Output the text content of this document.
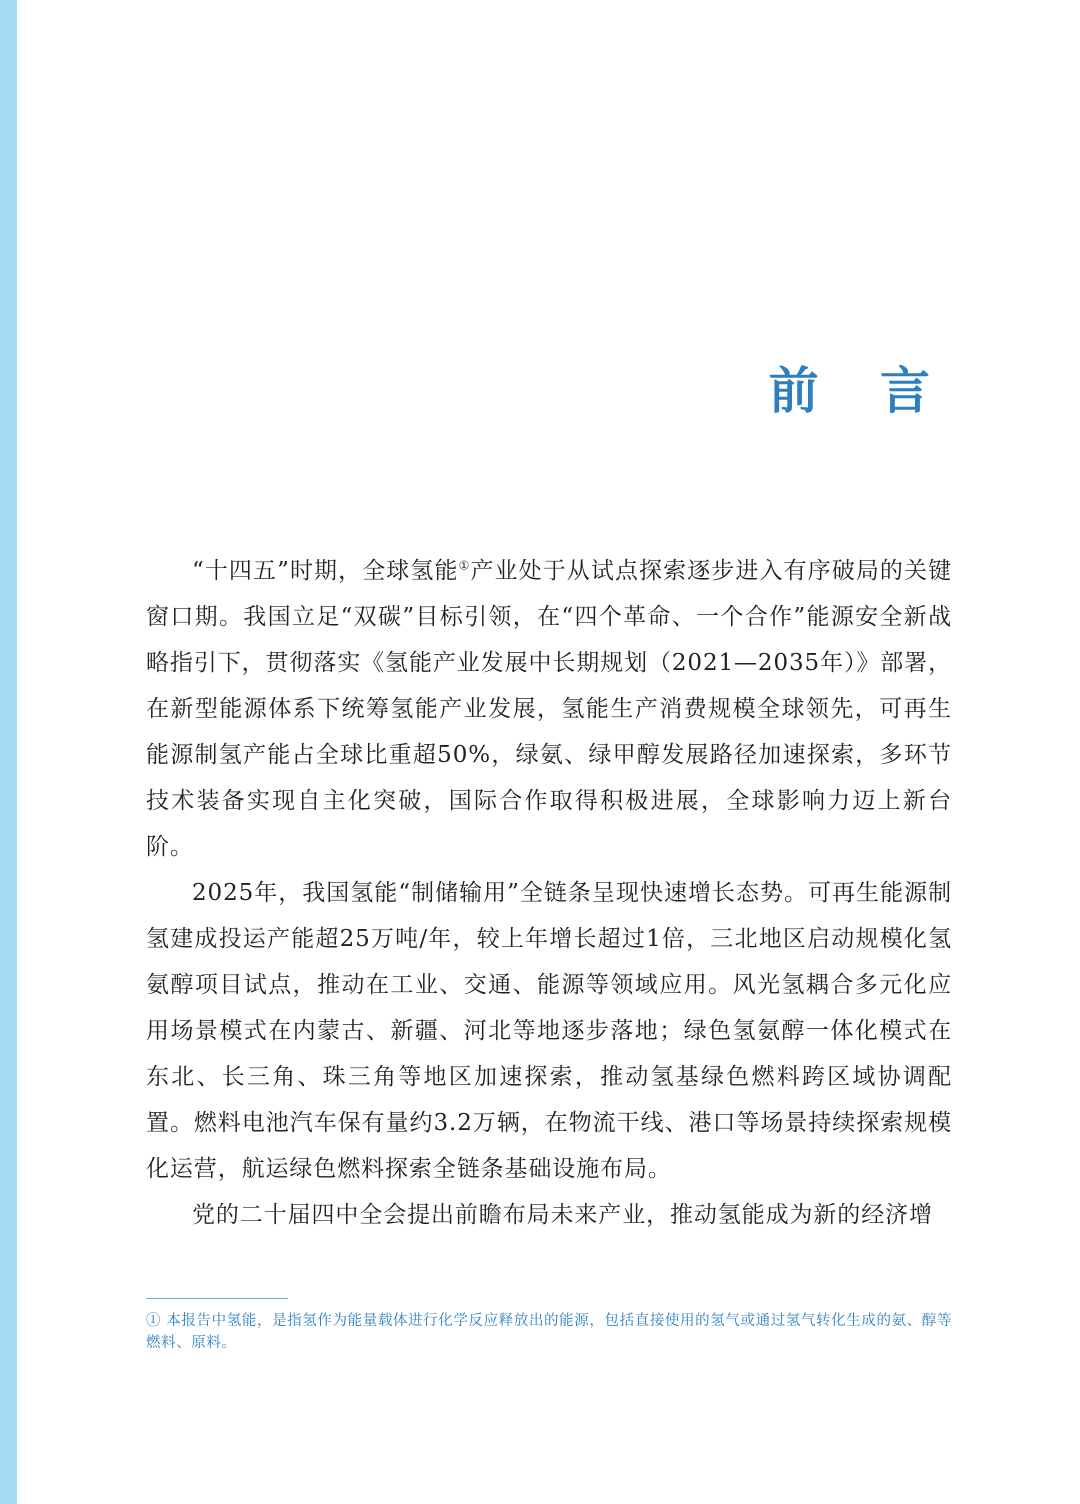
前 言

“十四五”时期，全球氢能①产业处于从试点探索逐步进入有序破局的关键窗口期。我国立足“双碳”目标引领，在“四个革命、一个合作”能源安全新战略指引下，贯彻落实《氢能产业发展中长期规划（2021—2035年）》部署，在新型能源体系下统筹氢能产业发展，氢能生产消费规模全球领先，可再生能源制氢产能占全球比重超50%，绿氨、绿甲醇发展路径加速探索，多环节技术装备实现自主化突破，国际合作取得积极进展，全球影响力迈上新台阶。

2025年，我国氢能“制储输用”全链条呈现快速增长态势。可再生能源制氢建成投运产能超25万吨/年，较上年增长超过1倍，三北地区启动规模化氢氨醇项目试点，推动在工业、交通、能源等领域应用。风光氢耦合多元化应用场景模式在内蒙古、新疆、河北等地逐步落地；绿色氢氨醇一体化模式在东北、长三角、珠三角等地区加速探索，推动氢基绿色燃料跨区域协调配置。燃料电池汽车保有量约3.2万辆，在物流干线、港口等场景持续探索规模化运营，航运绿色燃料探索全链条基础设施布局。

党的二十届四中全会提出前瞻布局未来产业，推动氢能成为新的经济增

① 本报告中氢能，是指氢作为能量载体进行化学反应释放出的能源，包括直接使用的氢气或通过氢气转化生成的氨、醇等燃料、原料。
